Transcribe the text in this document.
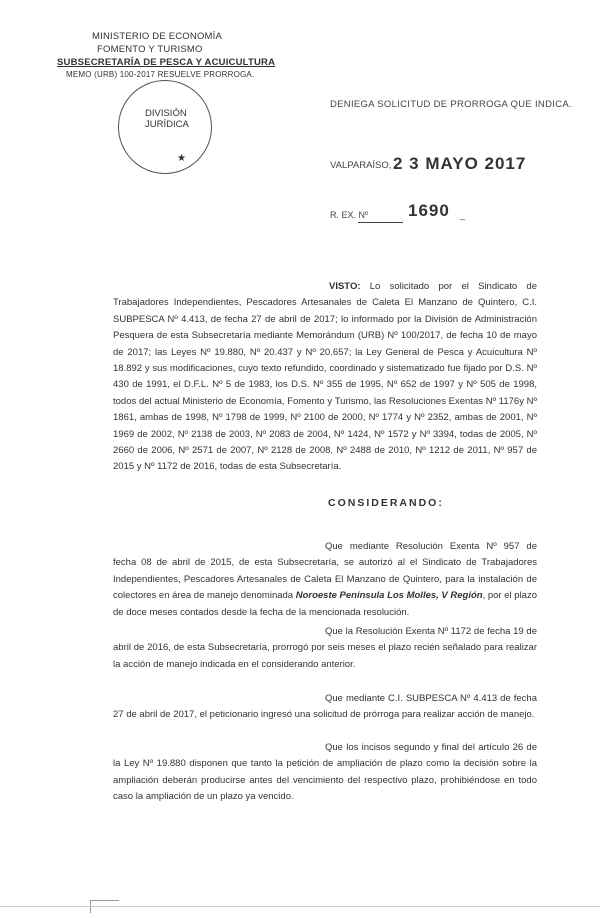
MINISTERIO DE ECONOMÍA
FOMENTO Y TURISMO
SUBSECRETARÍA DE PESCA Y ACUICULTURA
MEMO (URB) 100-2017 RESUELVE PRORROGA.
DIVISIÓN JURÍDICA
★
DENIEGA SOLICITUD DE PRORROGA QUE INDICA.
VALPARAÍSO, 2 3 MAYO 2017
R. EX. Nº 1690 _
VISTO: Lo solicitado por el Sindicato de Trabajadores Independientes, Pescadores Artesanales de Caleta El Manzano de Quintero, C.I. SUBPESCA Nº 4.413, de fecha 27 de abril de 2017; lo informado por la División de Administración Pesquera de esta Subsecretaría mediante Memorándum (URB) Nº 100/2017, de fecha 10 de mayo de 2017; las Leyes Nº 19.880, Nº 20.437 y Nº 20.657; la Ley General de Pesca y Acuicultura Nº 18.892 y sus modificaciones, cuyo texto refundido, coordinado y sistematizado fue fijado por D.S. Nº 430 de 1991, el D.F.L. Nº 5 de 1983, los D.S. Nº 355 de 1995, Nº 652 de 1997 y Nº 505 de 1998, todos del actual Ministerio de Economía, Fomento y Turismo, las Resoluciones Exentas Nº 1176y Nº 1861, ambas de 1998, Nº 1798 de 1999, Nº 2100 de 2000, Nº 1774 y Nº 2352, ambas de 2001, Nº 1969 de 2002, Nº 2138 de 2003, Nº 2083 de 2004, Nº 1424, Nº 1572 y Nº 3394, todas de 2005, Nº 2660 de 2006, Nº 2571 de 2007, Nº 2128 de 2008, Nº 2488 de 2010, Nº 1212 de 2011, Nº 957 de 2015 y Nº 1172 de 2016, todas de esta Subsecretaría.
CONSIDERANDO:
Que mediante Resolución Exenta Nº 957 de fecha 08 de abril de 2015, de esta Subsecretaría, se autorizó al el Sindicato de Trabajadores Independientes, Pescadores Artesanales de Caleta El Manzano de Quintero, para la instalación de colectores en área de manejo denominada Noroeste Península Los Molles, V Región, por el plazo de doce meses contados desde la fecha de la mencionada resolución.
Que la Resolución Exenta Nº 1172 de fecha 19 de abril de 2016, de esta Subsecretaría, prorrogó por seis meses el plazo recién señalado para realizar la acción de manejo indicada en el considerando anterior.
Que mediante C.I. SUBPESCA Nº 4.413 de fecha 27 de abril de 2017, el peticionario ingresó una solicitud de prórroga para realizar acción de manejo.
Que los incisos segundo y final del artículo 26 de la Ley Nº 19.880 disponen que tanto la petición de ampliación de plazo como la decisión sobre la ampliación deberán producirse antes del vencimiento del respectivo plazo, prohibiéndose en todo caso la ampliación de un plazo ya vencido.
